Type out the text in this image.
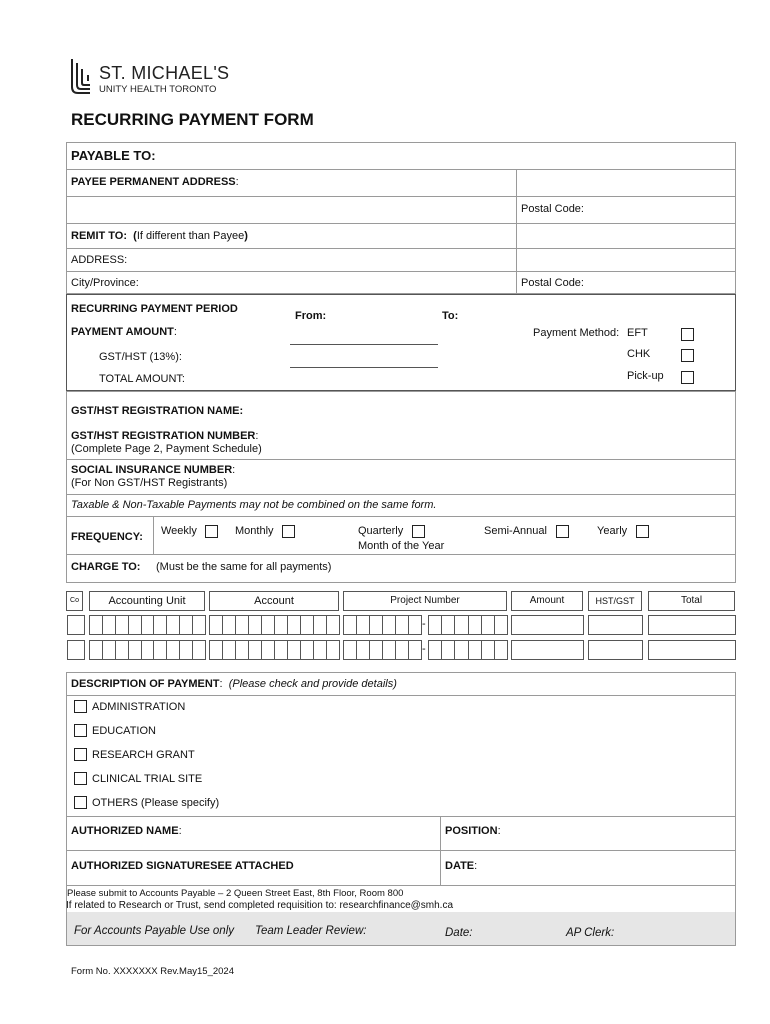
ST. MICHAEL'S
UNITY HEALTH TORONTO
RECURRING PAYMENT FORM
PAYABLE TO:
PAYEE PERMANENT ADDRESS:
Postal Code:
REMIT TO: (If different than Payee)
ADDRESS:
City/Province:	Postal Code:
RECURRING PAYMENT PERIOD
From:	To:
PAYMENT AMOUNT:
GST/HST (13%):
TOTAL AMOUNT:
Payment Method: EFT
CHK
Pick-up
GST/HST REGISTRATION NAME:
GST/HST REGISTRATION NUMBER:
(Complete Page 2, Payment Schedule)
SOCIAL INSURANCE NUMBER:
(For Non GST/HST Registrants)
Taxable & Non-Taxable Payments may not be combined on the same form.
FREQUENCY: Weekly	Monthly	Quarterly
Month of the Year
Semi-Annual	Yearly
CHARGE TO: (Must be the same for all payments)
Co	Accounting Unit	Account	Project Number	Amount	HST/GST	Total
-
-
DESCRIPTION OF PAYMENT: (Please check and provide details)
ADMINISTRATION
EDUCATION
RESEARCH GRANT
CLINICAL TRIAL SITE
OTHERS (Please specify)
AUTHORIZED NAME:	POSITION:
AUTHORIZED SIGNATURESEE ATTACHED	DATE:
Please submit to Accounts Payable – 2 Queen Street East, 8th Floor, Room 800
If related to Research or Trust, send completed requisition to: researchfinance@smh.ca
For Accounts Payable Use only Team Leader Review:	Date:	AP Clerk:
Form No. XXXXXXX Rev.May15_2024
